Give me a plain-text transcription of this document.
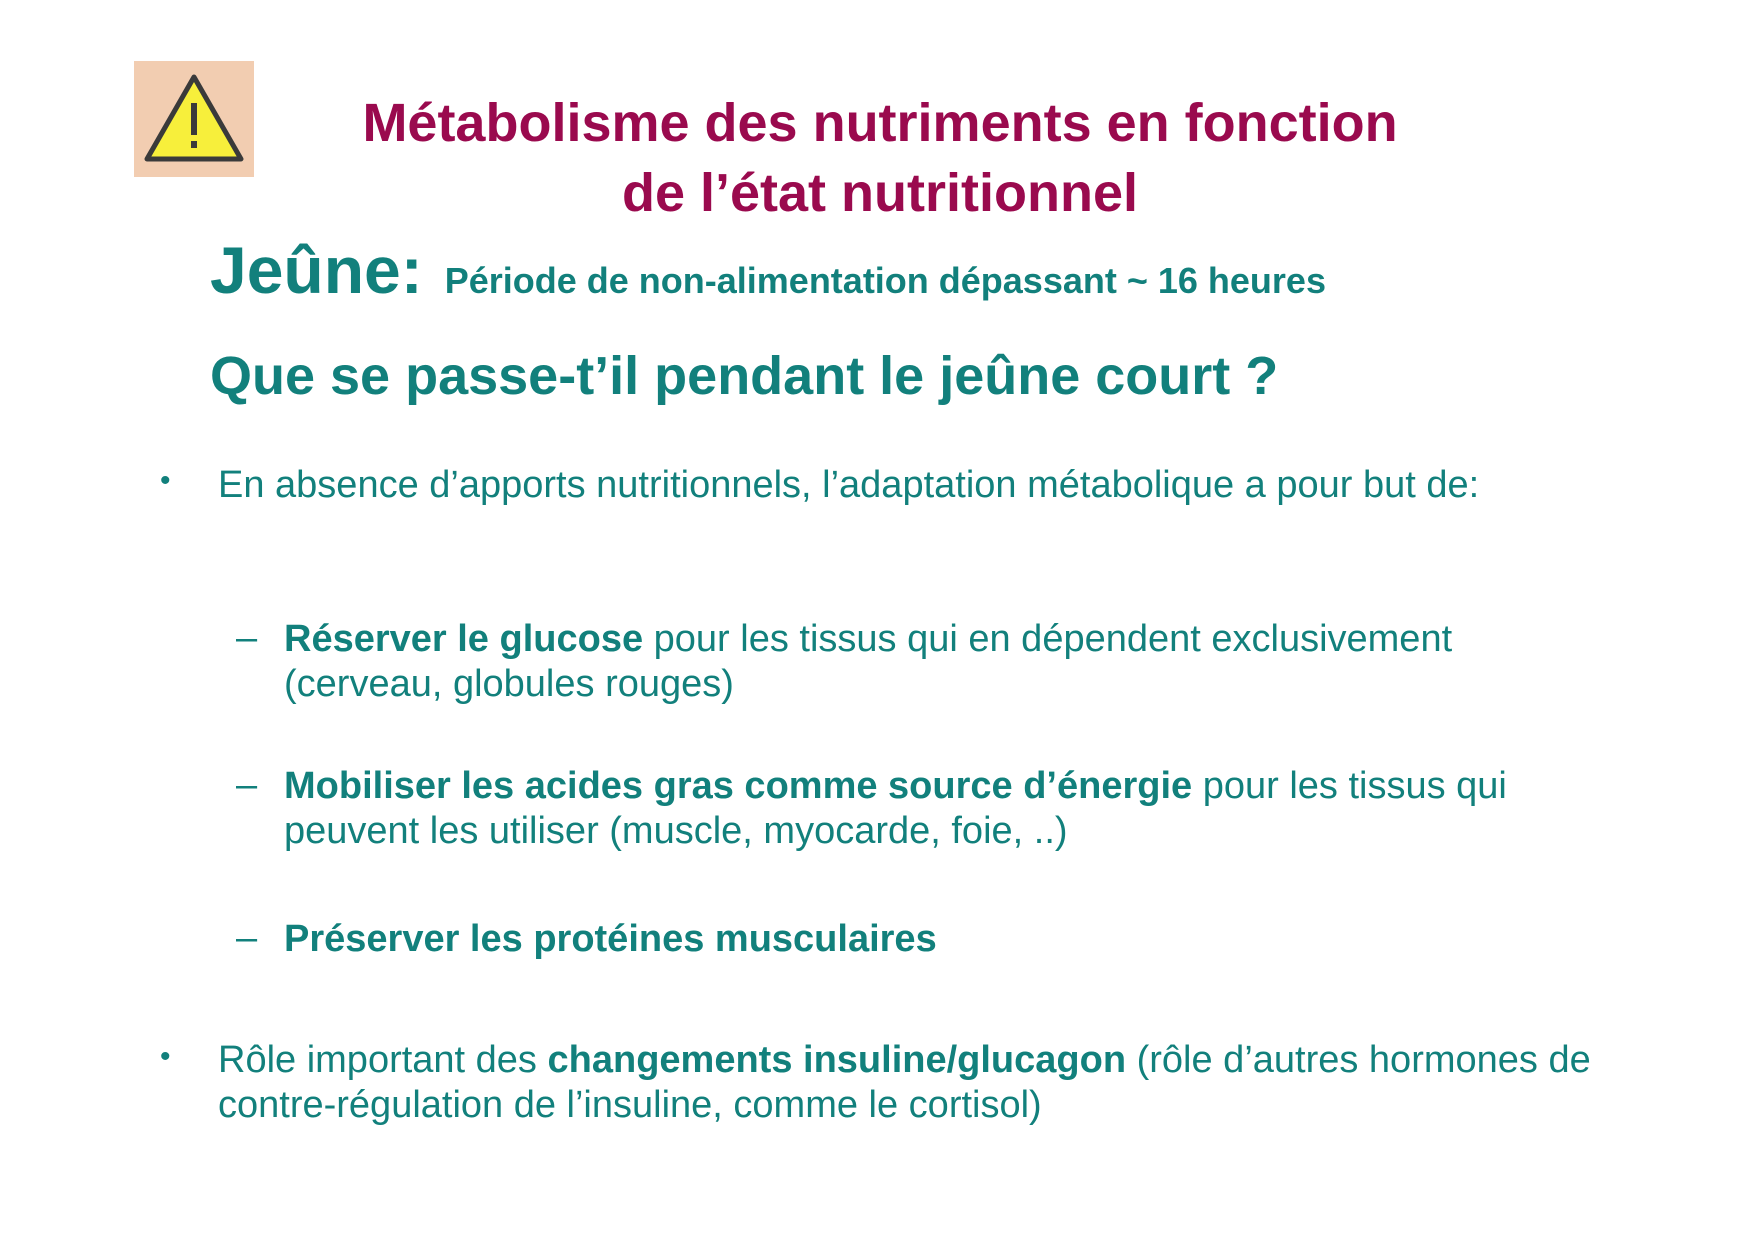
Métabolisme des nutriments en fonction
de l’état nutritionnel
Jeûne: Période de non-alimentation dépassant ~ 16 heures
Que se passe-t’il pendant le jeûne court ?
• En absence d’apports nutritionnels, l’adaptation métabolique a pour but de:
– Réserver le glucose pour les tissus qui en dépendent exclusivement (cerveau, globules rouges)
– Mobiliser les acides gras comme source d’énergie pour les tissus qui peuvent les utiliser (muscle, myocarde, foie, ..)
– Préserver les protéines musculaires
• Rôle important des changements insuline/glucagon (rôle d’autres hormones de contre-régulation de l’insuline, comme le cortisol)
